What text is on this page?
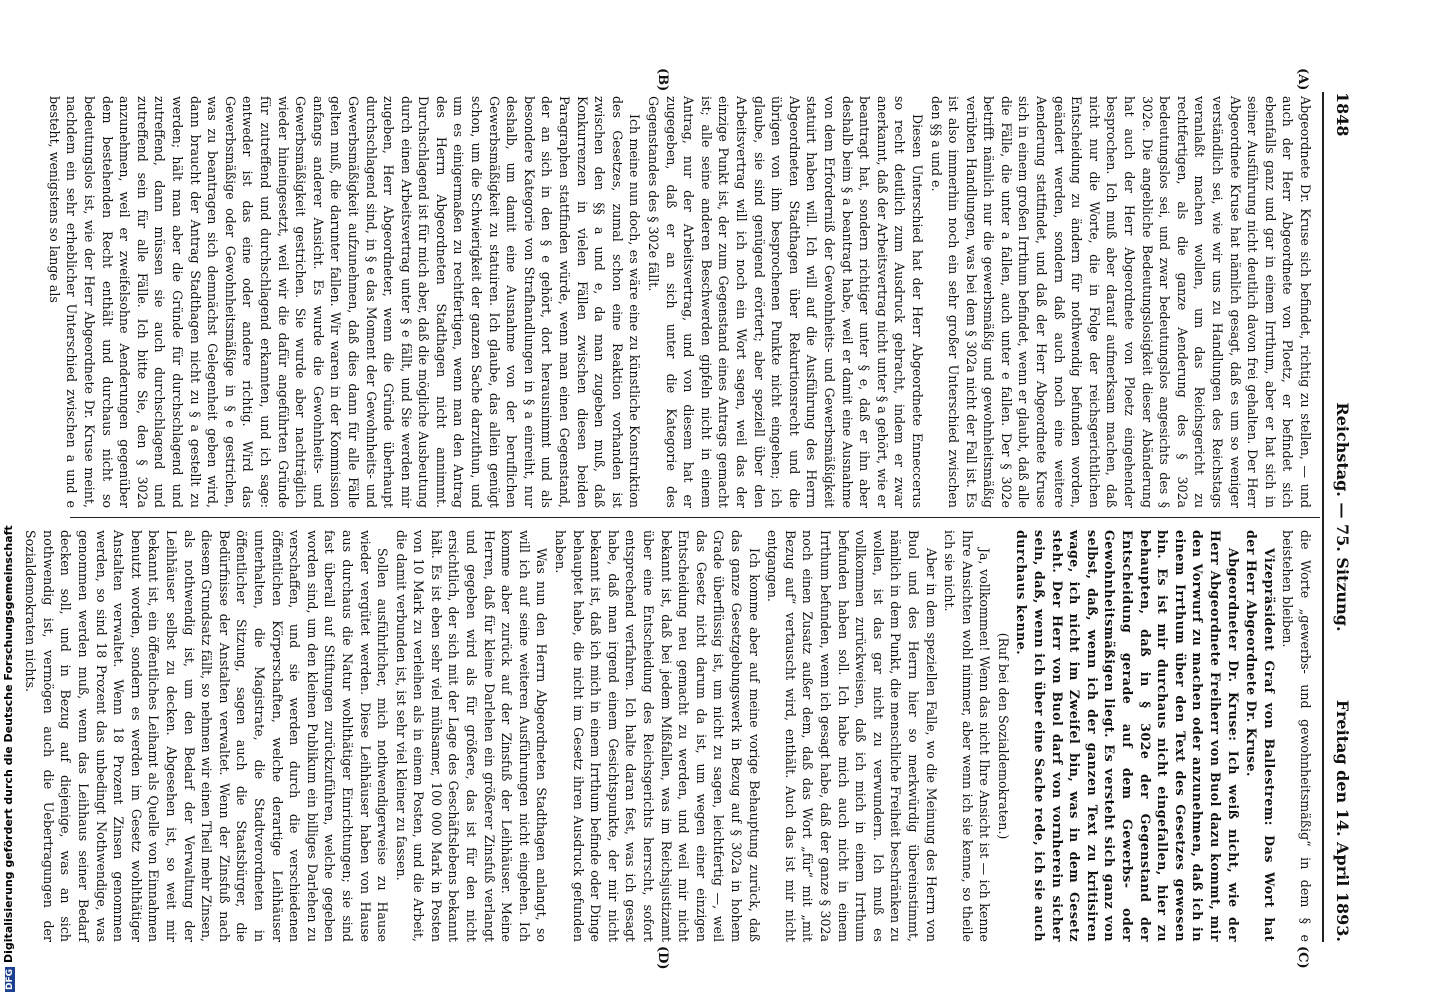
1848
Reichstag. — 75. Sitzung.
Freitag den 14. April 1893.
(A)
(B)
(C)
(D)

Abgeordnete Dr. Kruse sich befindet, richtig zu stellen, — und auch der Herr Abgeordnete von Ploetz, er befindet sich ebenfalls ganz und gar in einem Irrthum, aber er hat sich in seiner Ausführung nicht deutlich davon frei gehalten. Der Herr Abgeordnete Kruse hat nämlich gesagt, daß es um so weniger verständlich sei, wie wir uns zu Handlungen des Reichstags veranlaßt machen wollen, um das Reichsgericht zu rechtfertigen, als die ganze Aenderung des § 302a bedeutungslos sei, und zwar bedeutungslos angesichts des § 302e. Die angebliche Bedeutungslosigkeit dieser Abänderung hat auch der Herr Abgeordnete von Ploetz eingehender besprochen. Ich muß aber darauf aufmerksam machen, daß nicht nur die Worte, die in Folge der reichsgerichtlichen Entscheidung zu ändern für nothwendig befunden worden, geändert werden, sondern daß auch noch eine weitere Aenderung stattfindet, und daß der Herr Abgeordnete Kruse sich in einem großen Irrthum befindet, wenn er glaubt, daß alle die Fälle, die unter a fallen, auch unter e fallen. Der § 302e betrifft nämlich nur die gewerbsmäßig und gewohnheitsmäßig verübten Handlungen, was bei dem § 302a nicht der Fall ist. Es ist also immerhin noch ein sehr großer Unterschied zwischen den §§ a und e.

Diesen Unterschied hat der Herr Abgeordnete Enneccerus so recht deutlich zum Ausdruck gebracht, indem er zwar anerkannt, daß der Arbeitsvertrag nicht unter § a gehört, wie er beantragt hat, sondern richtiger unter § e, daß er ihn aber deshalb beim § a beantragt habe, weil er damit eine Ausnahme von dem Erforderniß der Gewohnheits- und Gewerbsmäßigkeit statuirt haben will. Ich will auf die Ausführung des Herrn Abgeordneten Stadthagen über Rekurtionsrecht und die übrigen von ihm besprochenen Punkte nicht eingehen; ich glaube, sie sind genügend erörtert; aber speziell über den Arbeitsvertrag will ich noch ein Wort sagen, weil das der einzige Punkt ist, der zum Gegenstand eines Antrags gemacht ist; alle seine anderen Beschwerden gipfeln nicht in einem Antrag, nur der Arbeitsvertrag, und von diesem hat er zugegeben, daß er an sich unter die Kategorie des Gegenstandes des § 302e fällt.

Ich meine nun doch, es wäre eine zu künstliche Konstruktion des Gesetzes, zumal schon eine Reaktion vorhanden ist zwischen den §§ a und e, da man zugeben muß, daß Konkurrenzen in vielen Fällen zwischen diesen beiden Paragraphen stattfinden würde, wenn man einen Gegenstand, der an sich in den § e gehört, dort herausnimmt und als besondere Kategorie von Strafhandlungen in § a einreiht, nur deshalb, um damit eine Ausnahme von der beruflichen Gewerbsmäßigkeit zu statuiren. Ich glaube, das allein genügt schon, um die Schwierigkeit der ganzen Sache darzuthun, und um es einigermaßen zu rechtfertigen, wenn man den Antrag des Herrn Abgeordneten Stadthagen nicht annimmt. Durchschlagend ist für mich aber, daß die mögliche Ausbeutung durch einen Arbeitsvertrag unter § e fällt, und Sie werden mir zugeben, Herr Abgeordneter, wenn die Gründe überhaupt durchschlagend sind, in § e das Moment der Gewohnheits- und Gewerbsmäßigkeit aufzunehmen, daß dies dann für alle Fälle gelten muß, die darunter fallen. Wir waren in der Kommission anfangs anderer Ansicht. Es wurde die Gewohnheits- und Gewerbsmäßigkeit gestrichen. Sie wurde aber nachträglich wieder hineingesetzt, weil wir die dafür angeführten Gründe für zutreffend und durchschlagend erkannten, und ich sage: entweder ist das eine oder andere richtig. Wird das Gewerbsmäßige oder Gewohnheitsmäßige in § e gestrichen, was zu beantragen sich demnächst Gelegenheit geben wird, dann braucht der Antrag Stadthagen nicht zu § a gestellt zu werden; hält man aber die Gründe für durchschlagend und zutreffend, dann müssen sie auch durchschlagend und zutreffend sein für alle Fälle. Ich bitte Sie, den § 302a anzunehmen, weil er zweifelsohne Aenderungen gegenüber dem bestehenden Recht enthält und durchaus nicht so bedeutungslos ist, wie der Herr Abgeordnete Dr. Kruse meint, nachdem ein sehr erheblicher Unterschied zwischen a und e besteht, wenigstens so lange als

die Worte „gewerbs- und gewohnheitsmäßig“ in dem § e beistehen bleiben.

Vizepräsident Graf von Ballestrem: Das Wort hat der Herr Abgeordnete Dr. Kruse.

Abgeordneter Dr. Kruse: Ich weiß nicht, wie der Herr Abgeordnete Freiherr von Buol dazu kommt, mir den Vorwurf zu machen oder anzunehmen, daß ich in einem Irrthum über den Text des Gesetzes gewesen bin. Es ist mir durchaus nicht eingefallen, hier zu behaupten, daß in § 302e der Gegenstand der Entscheidung gerade auf dem Gewerbs- oder Gewohnheitsmäßigen liegt. Es versteht sich ganz von selbst, daß, wenn ich der ganzen Text zu kritisiren wage, ich nicht im Zweifel bin, was in dem Gesetz steht. Der Herr von Buol darf von vornherein sicher sein, daß, wenn ich über eine Sache rede, ich sie auch durchaus kenne.

(Ruf bei den Sozialdemokraten.)

Ja, vollkommen! Wenn das nicht Ihre Ansicht ist — ich kenne Ihre Ansichten wohl nimmer, aber wenn ich sie kenne, so theile ich sie nicht.

Aber in dem speziellen Falle, wo die Meinung des Herrn von Buol und des Herrn hier so merkwürdig übereinstimmt, nämlich in dem Punkt, die menschliche Freiheit beschränken zu wollen, ist das gar nicht zu verwundern. Ich muß es vollkommen zurückweisen, daß ich mich in einem Irrthum befunden haben soll. Ich habe mich auch nicht in einem Irrthum befunden, wenn ich gesagt habe, daß der ganze § 302a noch einen Zusatz außer dem, daß das Wort „für“ mit „mit Bezug auf“ vertauscht wird, enthält. Auch das ist mir nicht entgangen.

Ich komme aber auf meine vorige Behauptung zurück, daß das ganze Gesetzgebungswerk in Bezug auf § 302a in hohem Grade überflüssig ist, um nicht zu sagen, leichtfertig —, weil das Gesetz nicht darum da ist, um wegen einer einzigen Entscheidung neu gemacht zu werden, und weil mir nicht bekannt ist, daß bei jedem Mißfallen, was im Reichsjustizamt über eine Entscheidung des Reichsgerichts herrscht, sofort entsprechend verfahren. Ich halte daran fest, was ich gesagt habe, daß man irgend einem Gesichtspunkte, der mir nicht bekannt ist, daß ich mich in einem Irrthum befinde oder Dinge behauptet habe, die nicht im Gesetz ihren Ausdruck gefunden haben.

Was nun den Herrn Abgeordneten Stadthagen anlangt, so will ich auf seine weiteren Ausführungen nicht eingehen. Ich komme aber zurück auf der Zinsfuß der Leihhäuser. Meine Herren, daß für kleine Darlehen ein größerer Zinsfuß verlangt und gegeben wird als für größere, das ist für den nicht ersichtlich, der sich mit der Lage des Geschäftslebens bekannt hält. Es ist eben sehr viel mühsamer, 100 000 Mark in Posten von 10 Mark zu verleihen als in einem Posten, und die Arbeit, die damit verbunden ist, ist sehr viel kleiner zu fassen.

Sollen ausführlicher, mich nothwendigerweise zu Hause wieder vergütet werden. Diese Leihhäuser haben von Hause aus durchaus die Natur wohlthätiger Einrichtungen; sie sind fast überall auf Stiftungen zurückzuführen, welche gegeben worden sind, um den kleinen Publikum ein billiges Darlehen zu verschaffen, und sie werden durch die verschiedenen öffentlichen Körperschaften, welche derartige Leihhäuser unterhalten, die Magistrate, die Stadtverordneten in öffentlicher Sitzung, sagen auch die Staatsbürger, die Bedürfnisse der Anstalten verwaltet. Wenn der Zinsfuß nach diesem Grundsatz fällt, so nehmen wir einen Theil mehr Zinsen, als nothwendig ist, um den Bedarf der Verwaltung der Leihhäuser selbst zu decken. Abgesehen ist, so weit mir bekannt ist, ein öffentliches Leihamt als Quelle von Einnahmen benutzt worden, sondern es werden im Gesetz wohlthätiger Anstalten verwaltet. Wenn 18 Prozent Zinsen genommen werden, so sind 18 Prozent das unbedingt Nothwendige, was genommen werden muß, wenn das Leihhaus seiner Bedarf decken soll, und in Bezug auf diejenige, was an sich nothwendig ist, vermögen auch die Uebertragungen der Sozialdemokraten nichts.

DFGDigitalisierung gefördert durch die Deutsche Forschungsgemeinschaft
